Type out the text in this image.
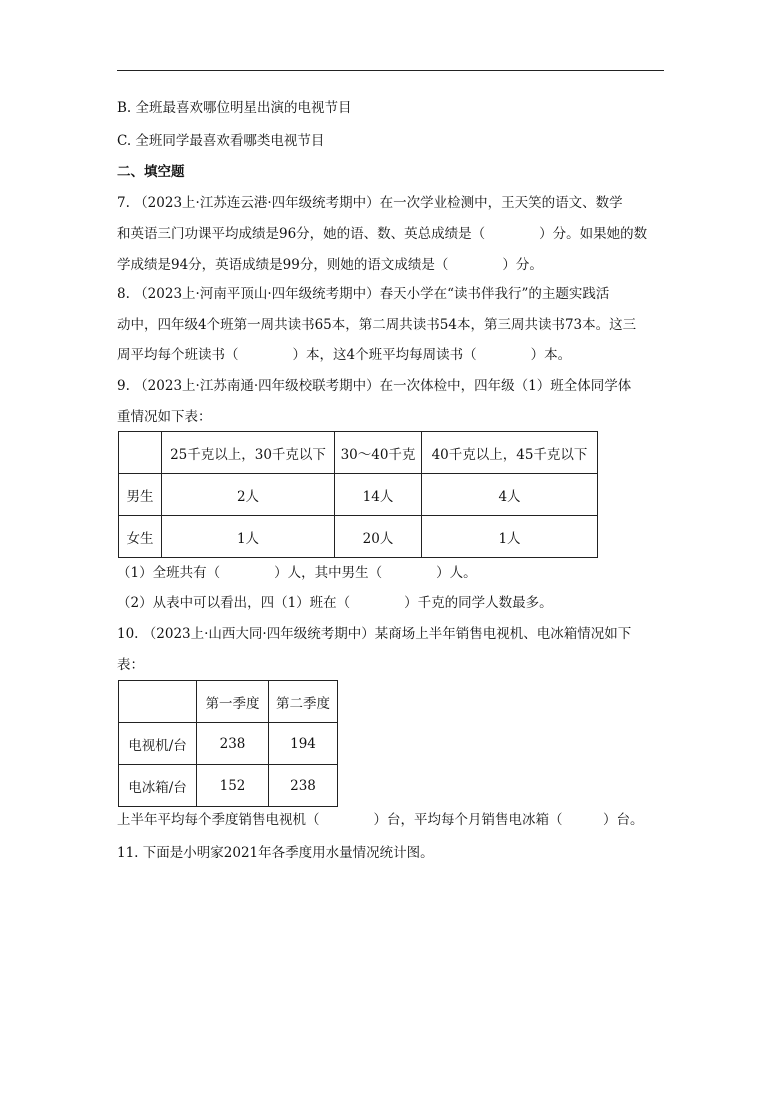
B. 全班最喜欢哪位明星出演的电视节目
C. 全班同学最喜欢看哪类电视节目
二、填空题
7. （2023上·江苏连云港·四年级统考期中）在一次学业检测中，王天笑的语文、数学
和英语三门功课平均成绩是96分，她的语、数、英总成绩是（　　　　）分。如果她的数
学成绩是94分，英语成绩是99分，则她的语文成绩是（　　　　）分。
8. （2023上·河南平顶山·四年级统考期中）春天小学在“读书伴我行”的主题实践活
动中，四年级4个班第一周共读书65本，第二周共读书54本，第三周共读书73本。这三
周平均每个班读书（　　　　）本，这4个班平均每周读书（　　　　）本。
9. （2023上·江苏南通·四年级校联考期中）在一次体检中，四年级（1）班全体同学体
重情况如下表：
	25千克以上，30千克以下	30～40千克	40千克以上，45千克以下
男生	2人	14人	4人
女生	1人	20人	1人
（1）全班共有（　　　　）人，其中男生（　　　　）人。
（2）从表中可以看出，四（1）班在（　　　　）千克的同学人数最多。
10. （2023上·山西大同·四年级统考期中）某商场上半年销售电视机、电冰箱情况如下
表：
	第一季度	第二季度
电视机/台	238	194
电冰箱/台	152	238
上半年平均每个季度销售电视机（　　　　）台，平均每个月销售电冰箱（　　　）台。
11. 下面是小明家2021年各季度用水量情况统计图。
